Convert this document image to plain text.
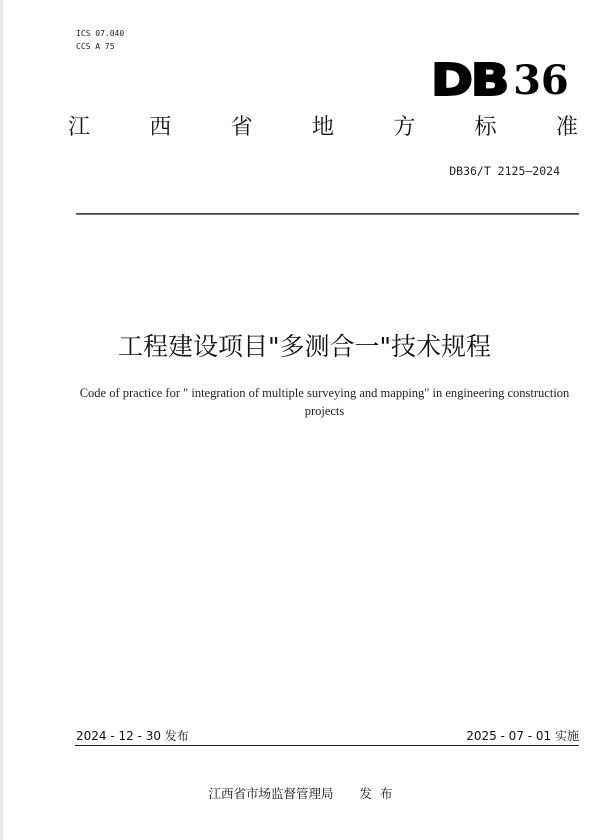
ICS 07.040
CCS A 75
DB 36
江	西	省	地	方	标	准
DB36/T 2125—2024
工程建设项目"多测合一"技术规程
Code of practice for " integration of multiple surveying and mapping" in engineering construction projects
2024 - 12 - 30 发布	2025 - 07 - 01 实施
江西省市场监督管理局 发布
